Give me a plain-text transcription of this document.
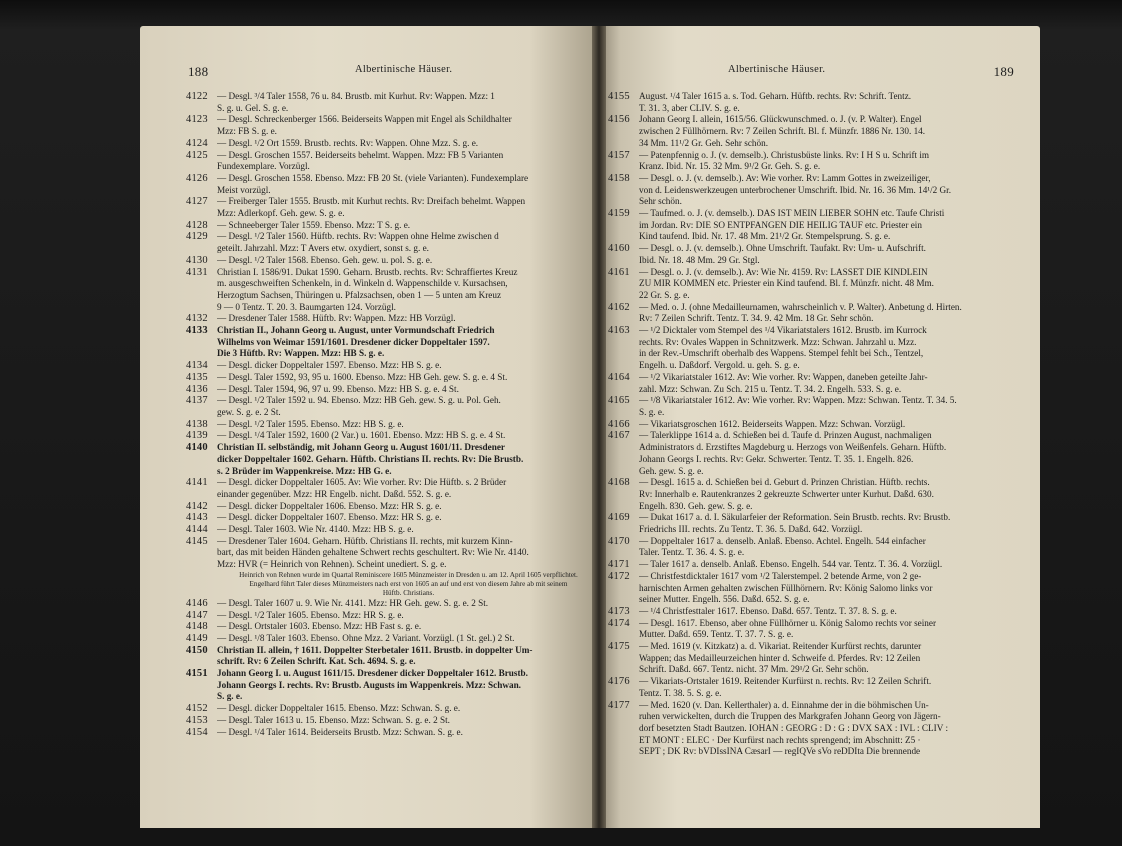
188	Albertinische Häuser.
4122 — Desgl. ³/4 Taler 1558, 76 u. 84. Brustb. mit Kurhut. Rv: Wappen. Mzz: 1
S. g. u. Gel. S. g. e.
4123 — Desgl. Schreckenberger 1566. Beiderseits Wappen mit Engel als Schildhalter
Mzz: FB S. g. e.
4124 — Desgl. ¹/2 Ort 1559. Brustb. rechts. Rv: Wappen. Ohne Mzz. S. g. e.
4125 — Desgl. Groschen 1557. Beiderseits behelmt. Wappen. Mzz: FB 5 Varianten
Fundexemplare. Vorzügl.
4126 — Desgl. Groschen 1558. Ebenso. Mzz: FB 20 St. (viele Varianten). Fundexemplare
Meist vorzügl.
4127 — Freiberger Taler 1555. Brustb. mit Kurhut rechts. Rv: Dreifach behelmt. Wappen
Mzz: Adlerkopf. Geh. gew. S. g. e.
4128 — Schneeberger Taler 1559. Ebenso. Mzz: T S. g. e.
4129 — Desgl. ¹/2 Taler 1560. Hüftb. rechts. Rv: Wappen ohne Helme zwischen d
geteilt. Jahrzahl. Mzz: T Avers etw. oxydiert, sonst s. g. e.
4130 — Desgl. ¹/2 Taler 1568. Ebenso. Geh. gew. u. pol. S. g. e.
4131 Christian I. 1586/91. Dukat 1590. Geharn. Brustb. rechts. Rv: Schraffiertes Kreuz
m. ausgeschweiften Schenkeln, in d. Winkeln d. Wappenschilde v. Kursachsen,
Herzogtum Sachsen, Thüringen u. Pfalzsachsen, oben 1 — 5 unten am Kreuz
9 — 0 Tentz. T. 20. 3. Baumgarten 124. Vorzügl.
4132 — Dresdener Taler 1588. Hüftb. Rv: Wappen. Mzz: HB Vorzügl.
4133 Christian II., Johann Georg u. August, unter Vormundschaft Friedrich
Wilhelms von Weimar 1591/1601. Dresdener dicker Doppeltaler 1597.
Die 3 Hüftb. Rv: Wappen. Mzz: HB S. g. e.
4134 — Desgl. dicker Doppeltaler 1597. Ebenso. Mzz: HB S. g. e.
4135 — Desgl. Taler 1592, 93, 95 u. 1600. Ebenso. Mzz: HB Geh. gew. S. g. e. 4 St.
4136 — Desgl. Taler 1594, 96, 97 u. 99. Ebenso. Mzz: HB S. g. e. 4 St.
4137 — Desgl. ¹/2 Taler 1592 u. 94. Ebenso. Mzz: HB Geh. gew. S. g. u. Pol. Geh.
gew. S. g. e. 2 St.
4138 — Desgl. ¹/2 Taler 1595. Ebenso. Mzz: HB S. g. e.
4139 — Desgl. ¹/4 Taler 1592, 1600 (2 Var.) u. 1601. Ebenso. Mzz: HB S. g. e. 4 St.
4140 Christian II. selbständig, mit Johann Georg u. August 1601/11. Dresdener
dicker Doppeltaler 1602. Geharn. Hüftb. Christians II. rechts. Rv: Die Brustb.
s. 2 Brüder im Wappenkreise. Mzz: HB G. e.
4141 — Desgl. dicker Doppeltaler 1605. Av: Wie vorher. Rv: Die Hüftb. s. 2 Brüder
einander gegenüber. Mzz: HR Engelb. nicht. Daßd. 552. S. g. e.
4142 — Desgl. dicker Doppeltaler 1606. Ebenso. Mzz: HR S. g. e.
4143 — Desgl. dicker Doppeltaler 1607. Ebenso. Mzz: HR S. g. e.
4144 — Desgl. Taler 1603. Wie Nr. 4140. Mzz: HB S. g. e.
4145 — Dresdener Taler 1604. Geharn. Hüftb. Christians II. rechts, mit kurzem Kinn-
bart, das mit beiden Händen gehaltene Schwert rechts geschultert. Rv: Wie Nr. 4140.
Mzz: HVR (= Heinrich von Rehnen). Scheint unediert. S. g. e.
Heinrich von Rehnen wurde im Quartal Reminiscere 1605 Münzmeister in Dresden u. am 12. April 1605 verpflichtet.
Engelhard führt Taler dieses Münzmeisters nach erst von 1605 an auf und erst von diesem Jahre ab mit seinem
Hüftb. Christians.
4146 — Desgl. Taler 1607 u. 9. Wie Nr. 4141. Mzz: HR Geh. gew. S. g. e. 2 St.
4147 — Desgl. ¹/2 Taler 1605. Ebenso. Mzz: HR S. g. e.
4148 — Desgl. Ortstaler 1603. Ebenso. Mzz: HB Fast s. g. e.
4149 — Desgl. ¹/8 Taler 1603. Ebenso. Ohne Mzz. 2 Variant. Vorzügl. (1 St. gel.) 2 St.
4150 Christian II. allein, † 1611. Doppelter Sterbetaler 1611. Brustb. in doppelter Um-
schrift. Rv: 6 Zeilen Schrift. Kat. Sch. 4694. S. g. e.
4151 Johann Georg I. u. August 1611/15. Dresdener dicker Doppeltaler 1612. Brustb.
Johann Georgs I. rechts. Rv: Brustb. Augusts im Wappenkreis. Mzz: Schwan.
S. g. e.
4152 — Desgl. dicker Doppeltaler 1615. Ebenso. Mzz: Schwan. S. g. e.
4153 — Desgl. Taler 1613 u. 15. Ebenso. Mzz: Schwan. S. g. e. 2 St.
4154 — Desgl. ¹/4 Taler 1614. Beiderseits Brustb. Mzz: Schwan. S. g. e.
Albertinische Häuser.	189
4155 August. ¹/4 Taler 1615 a. s. Tod. Geharn. Hüftb. rechts. Rv: Schrift. Tentz.
T. 31. 3, aber CLIV. S. g. e.
4156 Johann Georg I. allein, 1615/56. Glückwunschmed. o. J. (v. P. Walter). Engel
zwischen 2 Füllhörnern. Rv: 7 Zeilen Schrift. Bl. f. Münzfr. 1886 Nr. 130. 14.
34 Mm. 11¹/2 Gr. Geh. Sehr schön.
4157 — Patenpfennig o. J. (v. demselb.). Christusbüste links. Rv: I H S u. Schrift im
Kranz. Ibid. Nr. 15. 32 Mm. 9¹/2 Gr. Geh. S. g. e.
4158 — Desgl. o. J. (v. demselb.). Av: Wie vorher. Rv: Lamm Gottes in zweizeiliger,
von d. Leidenswerkzeugen unterbrochener Umschrift. Ibid. Nr. 16. 36 Mm. 14¹/2 Gr.
Sehr schön.
4159 — Taufmed. o. J. (v. demselb.). DAS IST MEIN LIEBER SOHN etc. Taufe Christi
im Jordan. Rv: DIE SO ENTPFANGEN DIE HEILIG TAUF etc. Priester ein
Kind taufend. Ibid. Nr. 17. 48 Mm. 21¹/2 Gr. Stempelsprung. S. g. e.
4160 — Desgl. o. J. (v. demselb.). Ohne Umschrift. Taufakt. Rv: Um- u. Aufschrift.
Ibid. Nr. 18. 48 Mm. 29 Gr. Stgl.
4161 — Desgl. o. J. (v. demselb.). Av: Wie Nr. 4159. Rv: LASSET DIE KINDLEIN
ZU MIR KOMMEN etc. Priester ein Kind taufend. Bl. f. Münzfr. nicht. 48 Mm.
22 Gr. S. g. e.
4162 — Med. o. J. (ohne Medailleurnamen, wahrscheinlich v. P. Walter). Anbetung d. Hirten.
Rv: 7 Zeilen Schrift. Tentz. T. 34. 9. 42 Mm. 18 Gr. Sehr schön.
4163 — ¹/2 Dicktaler vom Stempel des ¹/4 Vikariatstalers 1612. Brustb. im Kurrock
rechts. Rv: Ovales Wappen in Schnitzwerk. Mzz: Schwan. Jahrzahl u. Mzz.
in der Rev.-Umschrift oberhalb des Wappens. Stempel fehlt bei Sch., Tentzel,
Engelh. u. Daßdorf. Vergold. u. geh. S. g. e.
4164 — ¹/2 Vikariatstaler 1612. Av: Wie vorher. Rv: Wappen, daneben geteilte Jahr-
zahl. Mzz: Schwan. Zu Sch. 215 u. Tentz. T. 34. 2. Engelh. 533. S. g. e.
4165 — ¹/8 Vikariatstaler 1612. Av: Wie vorher. Rv: Wappen. Mzz: Schwan. Tentz. T. 34. 5.
S. g. e.
4166 — Vikariatsgroschen 1612. Beiderseits Wappen. Mzz: Schwan. Vorzügl.
4167 — Talerklippe 1614 a. d. Schießen bei d. Taufe d. Prinzen August, nachmaligen
Administrators d. Erzstiftes Magdeburg u. Herzogs von Weißenfels. Geharn. Hüftb.
Johann Georgs I. rechts. Rv: Gekr. Schwerter. Tentz. T. 35. 1. Engelh. 826.
Geh. gew. S. g. e.
4168 — Desgl. 1615 a. d. Schießen bei d. Geburt d. Prinzen Christian. Hüftb. rechts.
Rv: Innerhalb e. Rautenkranzes 2 gekreuzte Schwerter unter Kurhut. Daßd. 630.
Engelh. 830. Geh. gew. S. g. e.
4169 — Dukat 1617 a. d. I. Säkularfeier der Reformation. Sein Brustb. rechts. Rv: Brustb.
Friedrichs III. rechts. Zu Tentz. T. 36. 5. Daßd. 642. Vorzügl.
4170 — Doppeltaler 1617 a. denselb. Anlaß. Ebenso. Achtel. Engelh. 544 einfacher
Taler. Tentz. T. 36. 4. S. g. e.
4171 — Taler 1617 a. denselb. Anlaß. Ebenso. Engelh. 544 var. Tentz. T. 36. 4. Vorzügl.
4172 — Christfestdicktaler 1617 vom ¹/2 Talerstempel. 2 betende Arme, von 2 ge-
harnischten Armen gehalten zwischen Füllhörnern. Rv: König Salomo links vor
seiner Mutter. Engelh. 556. Daßd. 652. S. g. e.
4173 — ¹/4 Christfesttaler 1617. Ebenso. Daßd. 657. Tentz. T. 37. 8. S. g. e.
4174 — Desgl. 1617. Ebenso, aber ohne Füllhörner u. König Salomo rechts vor seiner
Mutter. Daßd. 659. Tentz. T. 37. 7. S. g. e.
4175 — Med. 1619 (v. Kitzkatz) a. d. Vikariat. Reitender Kurfürst rechts, darunter
Wappen; das Medailleurzeichen hinter d. Schweife d. Pferdes. Rv: 12 Zeilen
Schrift. Daßd. 667. Tentz. nicht. 37 Mm. 29¹/2 Gr. Sehr schön.
4176 — Vikariats-Ortstaler 1619. Reitender Kurfürst n. rechts. Rv: 12 Zeilen Schrift.
Tentz. T. 38. 5. S. g. e.
4177 — Med. 1620 (v. Dan. Kellerthaler) a. d. Einnahme der in die böhmischen Un-
ruhen verwickelten, durch die Truppen des Markgrafen Johann Georg von Jägern-
dorf besetzten Stadt Bautzen. IOHAN : GEORG : D : G : DVX SAX : IVL : CLIV :
ET MONT : ELEC · Der Kurfürst nach rechts sprengend; im Abschnitt: Z5 ·
SEPT ; DK Rv: bVDIssINA CæsarI — regIQVe sVo reDDIta Die brennende
